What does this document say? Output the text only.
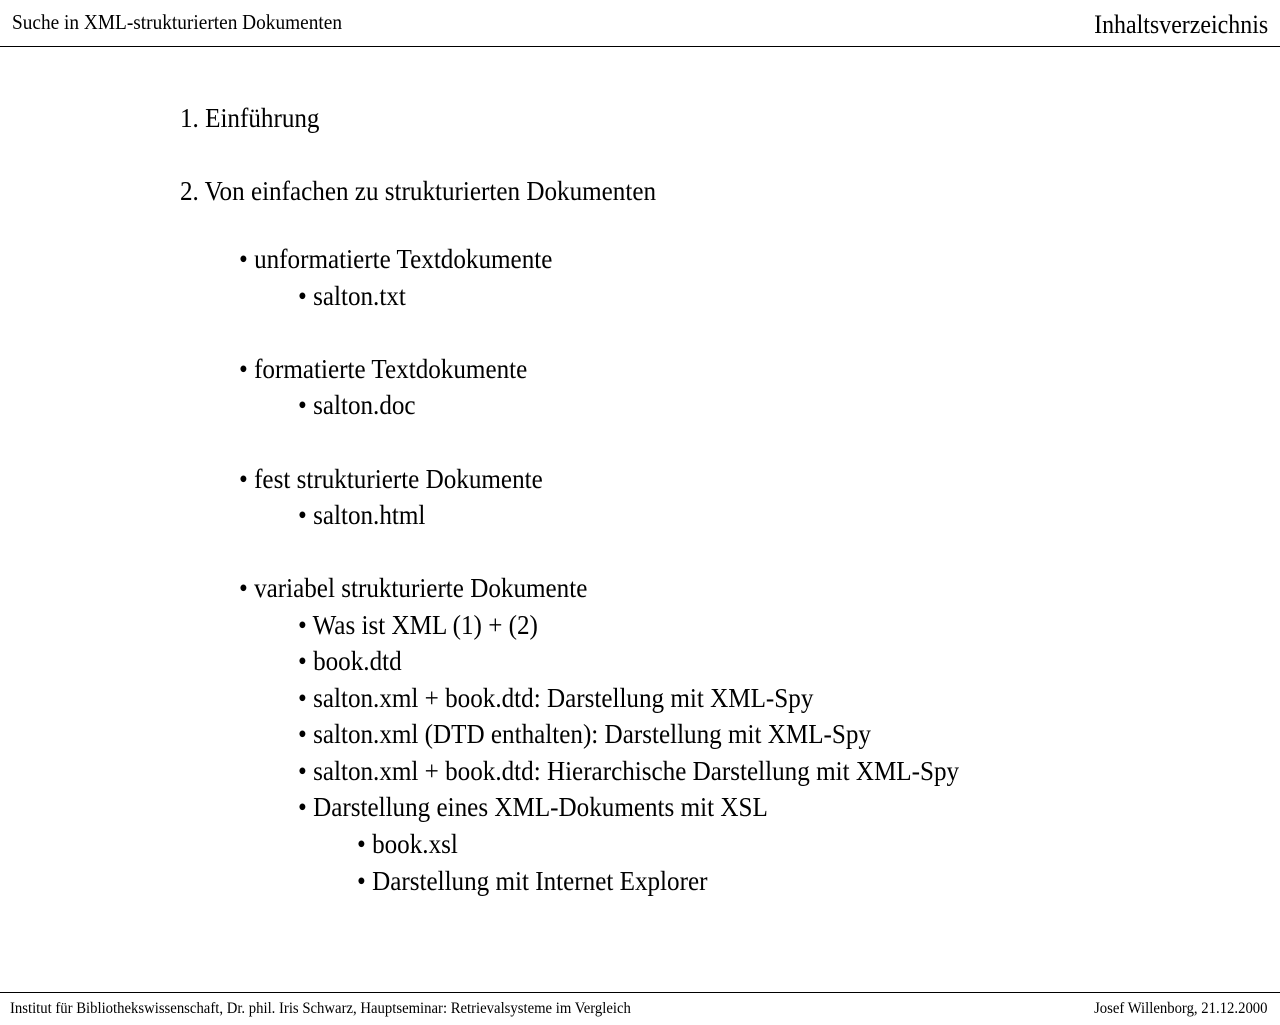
Suche in XML-strukturierten Dokumenten	Inhaltsverzeichnis
1. Einführung
2. Von einfachen zu strukturierten Dokumenten
• unformatierte Textdokumente
• salton.txt
• formatierte Textdokumente
• salton.doc
• fest strukturierte Dokumente
• salton.html
• variabel strukturierte Dokumente
• Was ist XML (1) + (2)
• book.dtd
• salton.xml + book.dtd: Darstellung mit XML-Spy
• salton.xml (DTD enthalten): Darstellung mit XML-Spy
• salton.xml + book.dtd: Hierarchische Darstellung mit XML-Spy
• Darstellung eines XML-Dokuments mit XSL
• book.xsl
• Darstellung mit Internet Explorer
Institut für Bibliothekswissenschaft, Dr. phil. Iris Schwarz, Hauptseminar: Retrievalsysteme im Vergleich	Josef Willenborg, 21.12.2000
